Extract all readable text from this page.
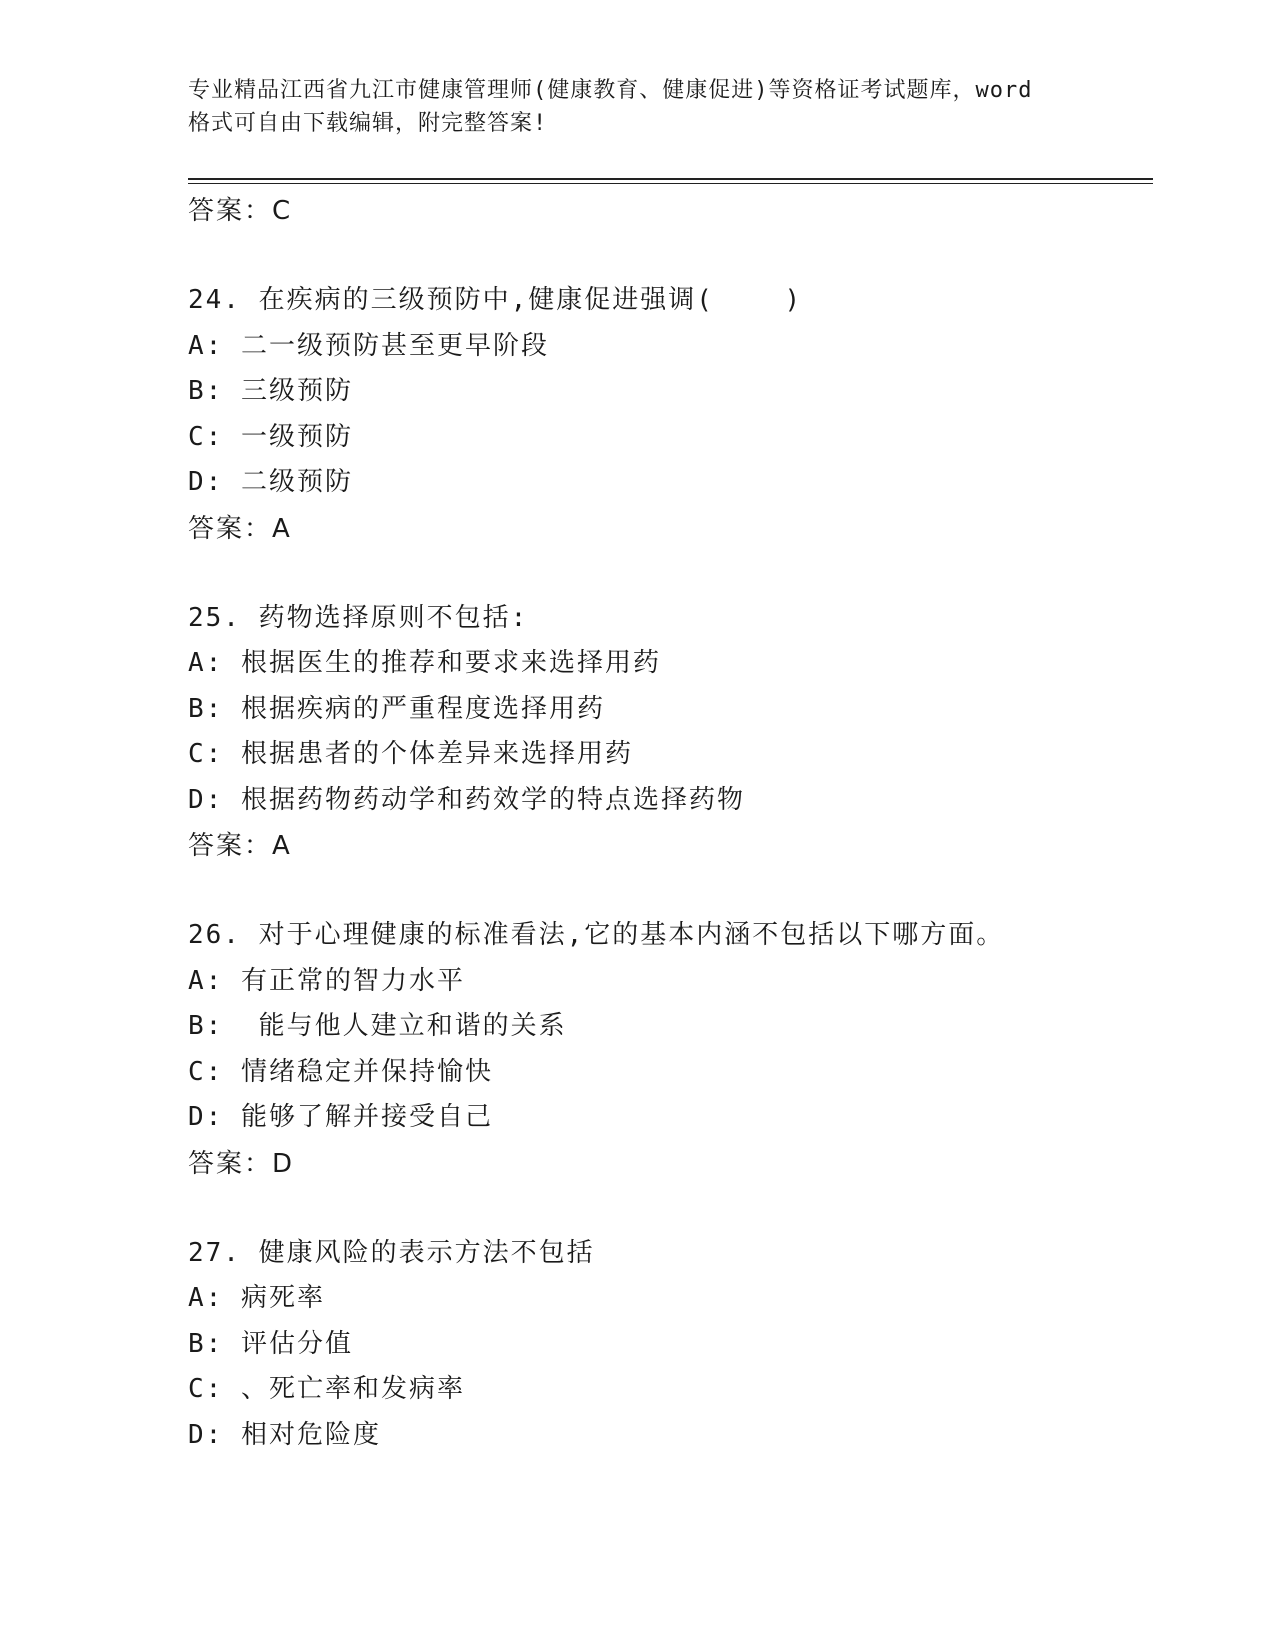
专业精品江西省九江市健康管理师(健康教育、健康促进)等资格证考试题库，word
格式可自由下载编辑，附完整答案!
答案：C
24. 在疾病的三级预防中,健康促进强调(    )
A: 二一级预防甚至更早阶段
B: 三级预防
C: 一级预防
D: 二级预防
答案：A
25. 药物选择原则不包括:
A: 根据医生的推荐和要求来选择用药
B: 根据疾病的严重程度选择用药
C: 根据患者的个体差异来选择用药
D: 根据药物药动学和药效学的特点选择药物
答案：A
26. 对于心理健康的标准看法,它的基本内涵不包括以下哪方面。
A: 有正常的智力水平
B:  能与他人建立和谐的关系
C: 情绪稳定并保持愉快
D: 能够了解并接受自己
答案：D
27. 健康风险的表示方法不包括
A: 病死率
B: 评估分值
C: 、死亡率和发病率
D: 相对危险度
